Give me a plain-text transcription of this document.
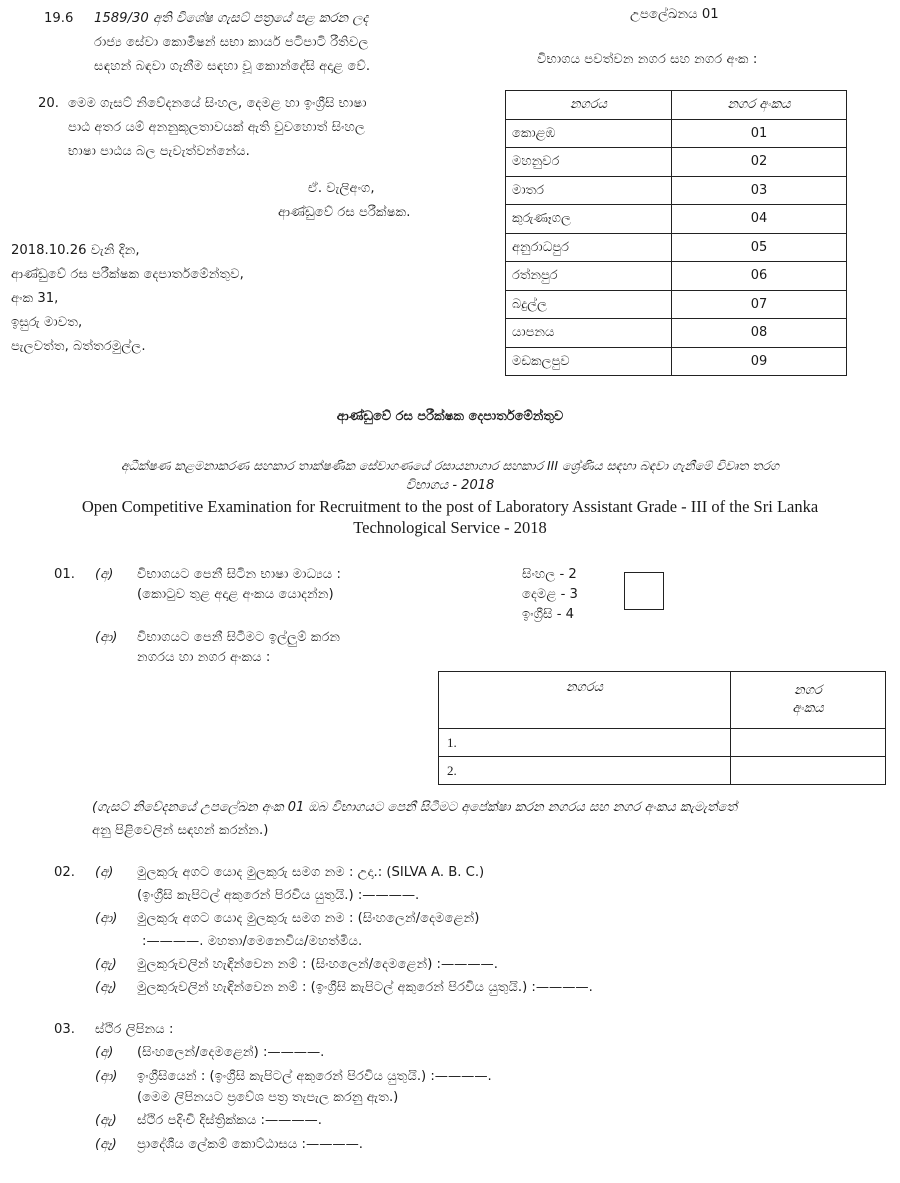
19.6 1589/30 අති විශේෂ ගැසට් පත්‍රයේ පළ කරන ලද
රාජ්‍ය සේවා කොමිෂන් සභා කාර්ය පටිපාටි රීතිවල
සඳහන් බඳවා ගැනීම සඳහා වූ කොන්දේසි අදාළ වේ.
20. මෙම ගැසට් නිවේදනයේ සිංහල, දෙමළ හා ඉංග්‍රීසි භාෂා
පාඨ අතර යම් අනනුකූලතාවයක් ඇති වුවහොත් සිංහල
භාෂා පාඨය බල පැවැත්වන්නේය.
ඒ. වැලිඅංග,
ආණ්ඩුවේ රස පරීක්ෂක.
2018.10.26 වැනි දින,
ආණ්ඩුවේ රස පරීක්ෂක දෙපාර්තමේන්තුව,
අංක 31,
ඉසුරු මාවත,
පැලවත්ත, බත්තරමුල්ල.
උපලේඛනය 01
විභාගය පවත්වන නගර සහ නගර අංක :
නගරය	නගර අංකය
කොළඹ	01
මහනුවර	02
මාතර	03
කුරුණෑගල	04
අනුරාධපුර	05
රත්නපුර	06
බදුල්ල	07
යාපනය	08
මඩකලපුව	09
ආණ්ඩුවේ රස පරීක්ෂක දෙපාර්තමේන්තුව
අධීක්ෂණ කළමනාකරණ සහකාර තාක්ෂණික සේවාගණයේ රසායනාගාර සහකාර III ශ්‍රේණිය සඳහා බඳවා ගැනීමේ විවෘත තරග
විභාගය - 2018
Open Competitive Examination for Recruitment to the post of Laboratory Assistant Grade - III of the Sri Lanka
Technological Service - 2018
01. (අ) විභාගයට පෙනී සිටින භාෂා මාධ්‍යය :
(කොටුව තුළ අදාළ අංකය යොදන්න)
සිංහල - 2
දෙමළ - 3
ඉංග්‍රීසි - 4
(ආ) විභාගයට පෙනී සිටීමට ඉල්ලුම් කරන
නගරය හා නගර අංකය :
නගරය	නගර
අංකය
1.	
2.	
(ගැසට් නිවේදනයේ උපලේඛන අංක 01 ඔබ විභාගයට පෙනී සිටීමට අපේක්ෂා කරන නගරය සහ නගර අංකය කැමැත්තේ
අනු පිළිවෙලින් සඳහන් කරන්න.)
02. (අ) මුලකුරු අගට යොද මුලකුරු සමග නම : උදා.: (SILVA A. B. C.)
(ඉංග්‍රීසි කැපිටල් අකුරෙන් පිරවිය යුතුයි.) :————.
(ආ) මුලකුරු අගට යොද මුලකුරු සමග නම : (සිංහලෙන්/දෙමළෙන්)
:————. මහතා/මෙනෙවිය/මහත්මිය.
(ඇ) මුලකුරුවලින් හැඳින්වෙන නම් : (සිංහලෙන්/දෙමළෙන්) :————.
(ඈ) මුලකුරුවලින් හැඳින්වෙන නම් : (ඉංග්‍රීසි කැපිටල් අකුරෙන් පිරවිය යුතුයි.) :————.
03. ස්ථිර ලිපිනය :
(අ) (සිංහලෙන්/දෙමළෙන්) :————.
(ආ) ඉංග්‍රීසියෙන් : (ඉංග්‍රීසි කැපිටල් අකුරෙන් පිරවිය යුතුයි.) :————.
(මෙම ලිපිනයට ප්‍රවේශ පත්‍ර තැපැල කරනු ඇත.)
(ඇ) ස්ථිර පදිංචි දිස්ත්‍රික්කය :————.
(ඈ) ප්‍රාදේශීය ලේකම් කොට්ඨාසය :————.
